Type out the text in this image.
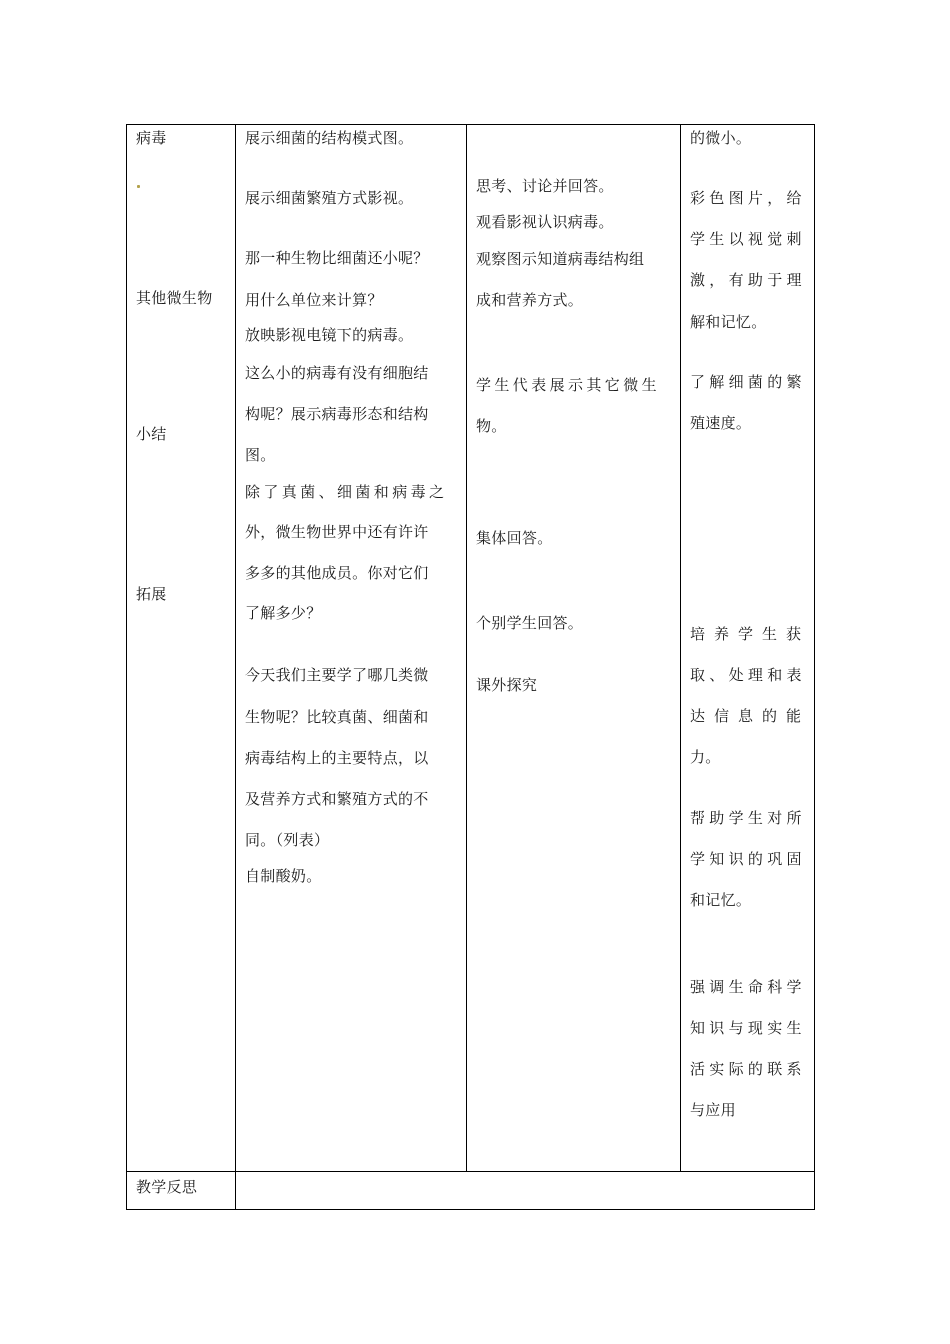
病毒
其他微生物
小结
拓展
教学反思
展示细菌的结构模式图。
展示细菌繁殖方式影视。
那一种生物比细菌还小呢？
用什么单位来计算？
放映影视电镜下的病毒。
这么小的病毒有没有细胞结
构呢？展示病毒形态和结构
图。
除了真菌、细菌和病毒之
外，微生物世界中还有许许
多多的其他成员。你对它们
了解多少？
今天我们主要学了哪几类微
生物呢？比较真菌、细菌和
病毒结构上的主要特点，以
及营养方式和繁殖方式的不
同。（列表）
自制酸奶。
思考、讨论并回答。
观看影视认识病毒。
观察图示知道病毒结构组
成和营养方式。
学生代表展示其它微生
物。
集体回答。
个别学生回答。
课外探究
的微小。
彩色图片，给
学生以视觉刺
激，有助于理
解和记忆。
了解细菌的繁
殖速度。
培养学生获
取、处理和表
达信息的能
力。
帮助学生对所
学知识的巩固
和记忆。
强调生命科学
知识与现实生
活实际的联系
与应用
